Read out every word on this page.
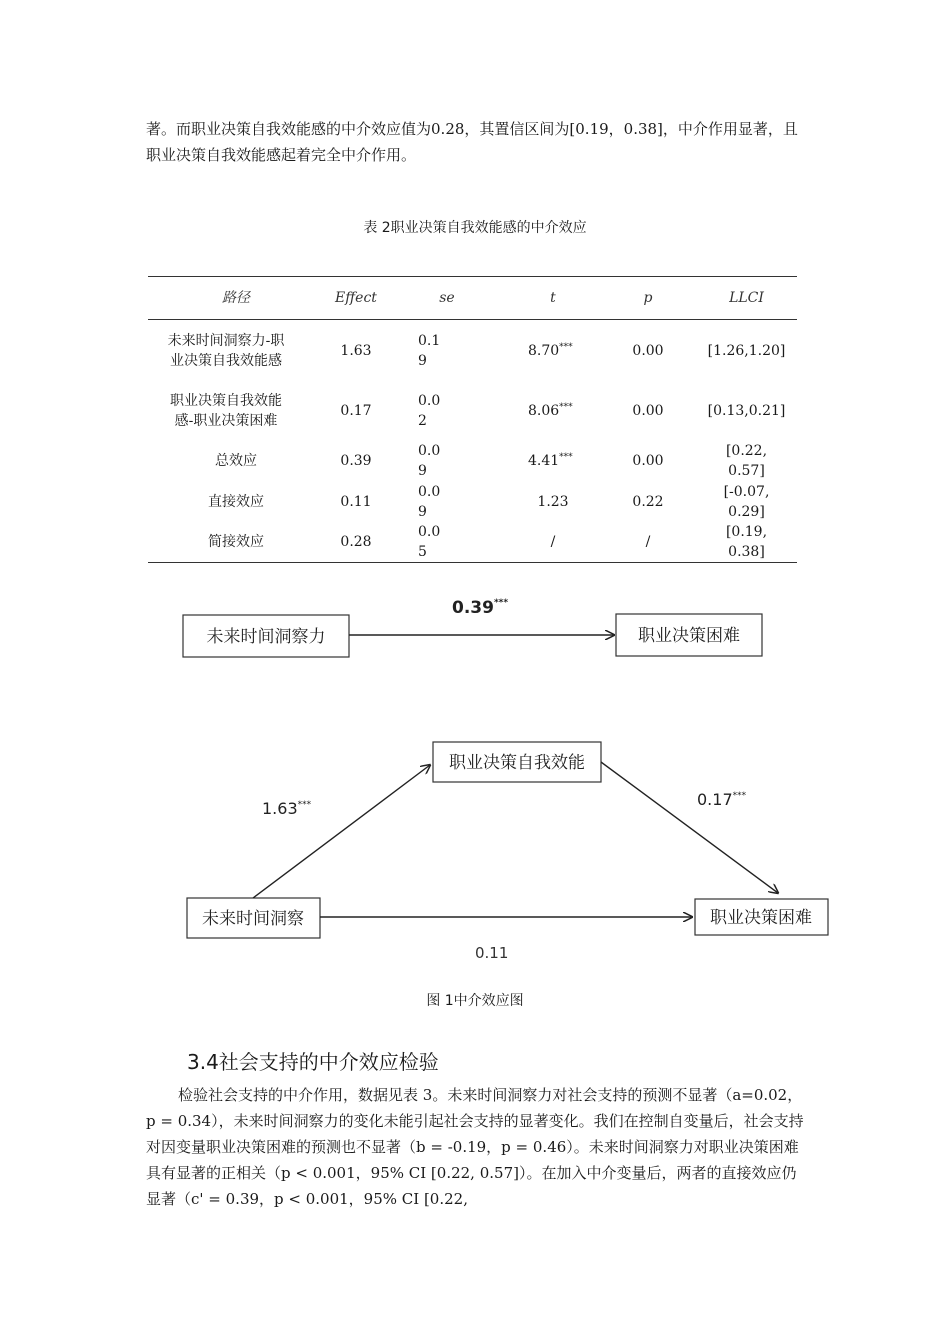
著。而职业决策自我效能感的中介效应值为0.28，其置信区间为[0.19，0.38]，中介作用显著，且职业决策自我效能感起着完全中介作用。

表 2职业决策自我效能感的中介效应
路径	Effect	se	t	p	LLCI
未来时间洞察力-职业决策自我效能感	1.63	0.19	8.70***	0.00	[1.26,1.20]
职业决策自我效能感-职业决策困难	0.17	0.02	8.06***	0.00	[0.13,0.21]
总效应	0.39	0.09	4.41***	0.00	[0.22, 0.57]
直接效应	0.11	0.09	1.23	0.22	[-0.07, 0.29]
简接效应	0.28	0.05	/	/	[0.19, 0.38]
未来时间洞察力	职业决策困难
0.39***
职业决策自我效能
未来时间洞察	职业决策困难
1.63***	0.17***
0.11
图 1中介效应图
3.4社会支持的中介效应检验

检验社会支持的中介作用，数据见表 3。未来时间洞察力对社会支持的预测不显著（a=0.02，p = 0.34），未来时间洞察力的变化未能引起社会支持的显著变化。我们在控制自变量后，社会支持对因变量职业决策困难的预测也不显著（b = -0.19，p = 0.46）。未来时间洞察力对职业决策困难具有显著的正相关（p < 0.001，95% CI [0.22, 0.57]）。在加入中介变量后，两者的直接效应仍显著（c' = 0.39，p < 0.001，95% CI [0.22,
